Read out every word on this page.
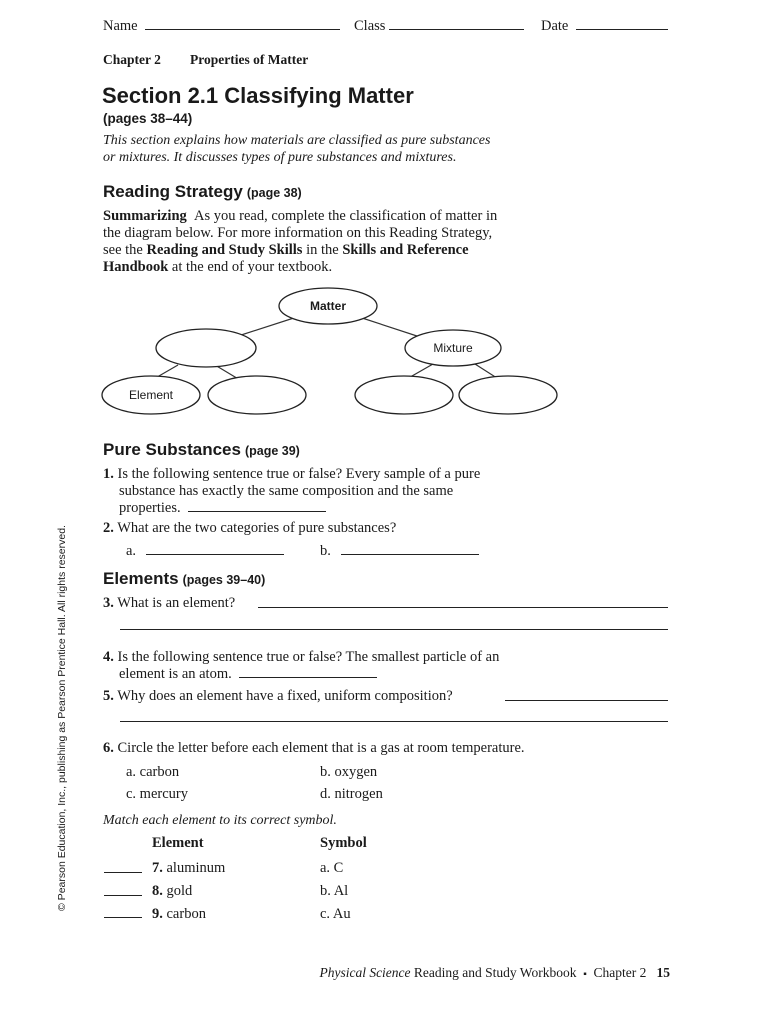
Name	Class	Date
Chapter 2 Properties of Matter
Section 2.1 Classifying Matter
(pages 38–44)
This section explains how materials are classified as pure substances
or mixtures. It discusses types of pure substances and mixtures.
Reading Strategy (page 38)
Summarizing As you read, complete the classification of matter in
the diagram below. For more information on this Reading Strategy,
see the Reading and Study Skills in the Skills and Reference
Handbook at the end of your textbook.
Matter
Mixture
Element
Pure Substances (page 39)
1. Is the following sentence true or false? Every sample of a pure
substance has exactly the same composition and the same
properties.
2. What are the two categories of pure substances?
a.	b.
Elements (pages 39–40)
3. What is an element?
4. Is the following sentence true or false? The smallest particle of an
element is an atom.
5. Why does an element have a fixed, uniform composition?
6. Circle the letter before each element that is a gas at room temperature.
a. carbon	b. oxygen
c. mercury	d. nitrogen
Match each element to its correct symbol.
Element	Symbol
7. aluminum	a. C
8. gold	b. Al
9. carbon	c. Au
Physical Science Reading and Study Workbook ▪ Chapter 2 15
© Pearson Education, Inc., publishing as Pearson Prentice Hall. All rights reserved.
